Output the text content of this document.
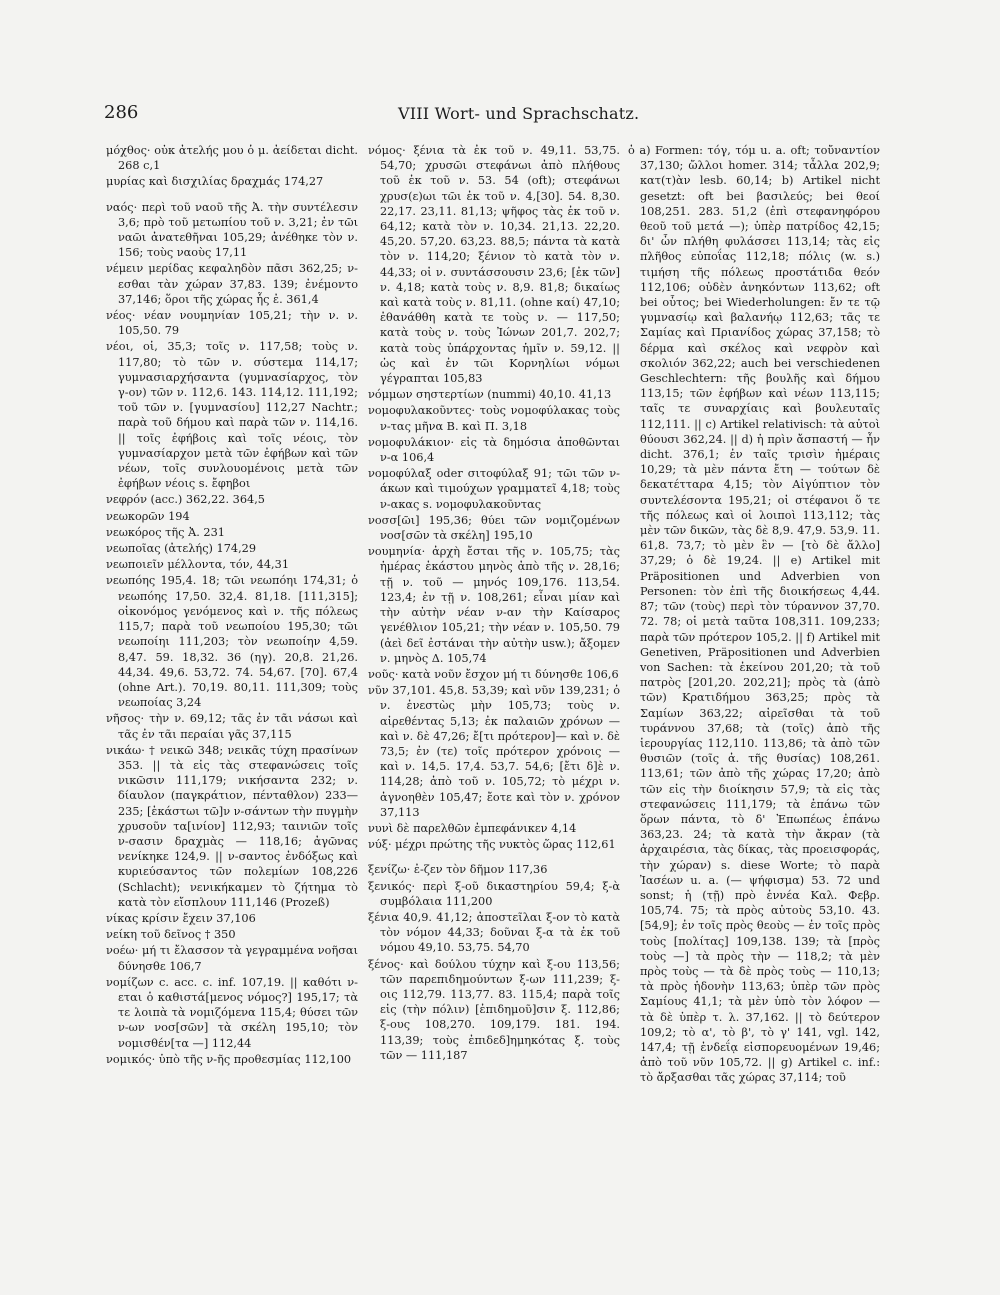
286	VIII Wort- und Sprachschatz.

μόχθος· οὐκ ἀτελής μου ὁ μ. ἀείδεται dicht. 268 c,1

μυρίας καὶ δισχιλίας δραχμάς 174,27

ναός· περὶ τοῦ ναοῦ τῆς Ἀ. τὴν συντέλεσιν 3,6; πρὸ τοῦ μετωπίου τοῦ ν. 3,21; ἐν τῶι ναῶι ἀνατεθῆναι 105,29; ἀνέθηκε τὸν ν. 156; τοὺς ναοὺς 17,11

νέμειν μερίδας κεφαληδὸν πᾶσι 362,25; ν-εσθαι τὰν χώραν 37,83. 139; ἐνέμοντο 37,146; ὅροι τῆς χώρας ἧς ἐ. 361,4

νέος· νέαν νουμηνίαν 105,21; τὴν ν. ν. 105,50. 79

νέοι, οἱ, 35,3; τοῖς ν. 117,58; τοὺς ν. 117,80; τὸ τῶν ν. σύστεμα 114,17; γυμνασιαρχήσαντα (γυμνασίαρχος, τὸν γ-ον) τῶν ν. 112,6. 143. 114,12. 111,192; τοῦ τῶν ν. [γυμνασίου] 112,27 Nachtr.; παρὰ τοῦ δήμου καὶ παρὰ τῶν ν. 114,16. || τοῖς ἐφήβοις καὶ τοῖς νέοις, τὸν γυμνασίαρχον μετὰ τῶν ἐφήβων καὶ τῶν νέων, τοῖς συνλουομένοις μετὰ τῶν ἐφήβων νέοις s. ἔφηβοι

νεφρόν (acc.) 362,22. 364,5

νεωκορῶν 194

νεωκόρος τῆς Ἀ. 231

νεωποῖας (ἀτελής) 174,29

νεωποιεῖν μέλλοντα, τόν, 44,31

νεωπόης 195,4. 18; τῶι νεωπόηι 174,31; ὁ νεωπόης 17,50. 32,4. 81,18. [111,315]; οἰκονόμος γενόμενος καὶ ν. τῆς πόλεως 115,7; παρὰ τοῦ νεωποίου 195,30; τῶι νεωποίηι 111,203; τὸν νεωποίην 4,59. 8,47. 59. 18,32. 36 (ηγ). 20,8. 21,26. 44,34. 49,6. 53,72. 74. 54,67. [70]. 67,4 (ohne Art.). 70,19. 80,11. 111,309; τοὺς νεωποίας 3,24

νῆσος· τὴν ν. 69,12; τᾶς ἐν τᾶι νάσωι καὶ τᾶς ἐν τᾶι περαίαι γᾶς 37,115

νικάω· † νεικῶ 348; νεικᾶς τύχη πρασίνων 353. || τὰ εἰς τὰς στεφανώσεις τοῖς νικῶσιν 111,179; νικήσαντα 232; ν. δίαυλον (παγκράτιον, πένταθλον) 233—235; [ἑκάστωι τῶ]ν ν-σάντων τὴν πυγμὴν χρυσοῦν τα[ινίον] 112,93; ταινιῶν τοῖς ν-σασιν δραχμὰς — 118,16; ἀγῶνας νενίκηκε 124,9. || ν-σαντος ἐνδόξως καὶ κυριεύσαντος τῶν πολεμίων 108,226 (Schlacht); νενικήκαμεν τὸ ζήτημα τὸ κατὰ τὸν εἴσπλουν 111,146 (Prozeß)

νίκας κρίσιν ἔχειν 37,106

νείκη τοῦ δεῖνος † 350

νοέω· μή τι ἔλασσον τὰ γεγραμμένα νοῆσαι δύνησθε 106,7

νομίζων c. acc. c. inf. 107,19. || καθότι ν-εται ὁ καθιστά[μενος νόμος?] 195,17; τὰ τε λοιπὰ τὰ νομιζόμενα 115,4; θύσει τῶν ν-ων νοσ[σῶν] τὰ σκέλη 195,10; τὸν νομισθέν[τα —] 112,44

νομικός· ὑπὸ τῆς ν-ῆς προθεσμίας 112,100

νόμος· ξένια τὰ ἐκ τοῦ ν. 49,11. 53,75. 54,70; χρυσῶι στεφάνωι ἀπὸ πλήθους τοῦ ἐκ τοῦ ν. 53. 54 (oft); στεφάνωι χρυσ(ε)ωι τῶι ἐκ τοῦ ν. 4,[30]. 54. 8,30. 22,17. 23,11. 81,13; ψῆφος τὰς ἐκ τοῦ ν. 64,12; κατὰ τὸν ν. 10,34. 21,13. 22,20. 45,20. 57,20. 63,23. 88,5; πάντα τὰ κατὰ τὸν ν. 114,20; ξένιον τὸ κατὰ τὸν ν. 44,33; οἱ ν. συντάσσουσιν 23,6; [ἐκ τῶν] ν. 4,18; κατὰ τοὺς ν. 8,9. 81,8; δικαίως καὶ κατὰ τοὺς ν. 81,11. (ohne καί) 47,10; ἐθανάθθη κατὰ τε τοὺς ν. — 117,50; κατὰ τοὺς ν. τοὺς Ἰώνων 201,7. 202,7; κατὰ τοὺς ὑπάρχοντας ἡμῖν ν. 59,12. || ὡς καὶ ἐν τῶι Κορνηλίωι νόμωι γέγραπται 105,83

νόμμων σηστερτίων (nummi) 40,10. 41,13

νομοφυλακοῦντες· τοὺς νομοφύλακας τοὺς ν-τας μῆνα Β. καὶ Π. 3,18

νομοφυλάκιον· εἰς τὰ δημόσια ἀποθῶνται ν-α 106,4

νομοφύλαξ oder σιτοφύλαξ 91; τῶι τῶν ν-άκων καὶ τιμούχων γραμματεῖ 4,18; τοὺς ν-ακας s. νομοφυλακοῦντας

νοσσ[ῶι] 195,36; θύει τῶν νομιζομένων νοσ[σῶν τὰ σκέλη] 195,10

νουμηνία· ἀρχὴ ἔσται τῆς ν. 105,75; τὰς ἡμέρας ἑκάστου μηνὸς ἀπὸ τῆς ν. 28,16; τῇ ν. τοῦ — μηνός 109,176. 113,54. 123,4; ἐν τῇ ν. 108,261; εἶναι μίαν καὶ τὴν αὐτὴν νέαν ν-αν τὴν Καίσαρος γενέθλιον 105,21; τὴν νέαν ν. 105,50. 79 (ἀεὶ δεῖ ἐστάναι τὴν αὐτὴν usw.); ἄξομεν ν. μηνὸς Δ. 105,74

νοῦς· κατὰ νοῦν ἔσχον μή τι δύνησθε 106,6

νῦν 37,101. 45,8. 53,39; καὶ νῦν 139,231; ὁ ν. ἐνεστὼς μὴν 105,73; τοὺς ν. αἱρεθέντας 5,13; ἐκ παλαιῶν χρόνων — καὶ ν. δὲ 47,26; ἔ[τι πρότερον]— καὶ ν. δὲ 73,5; ἐν (τε) τοῖς πρότερον χρόνοις — καὶ ν. 14,5. 17,4. 53,7. 54,6; [ἔτι δ]ὲ ν. 114,28; ἀπὸ τοῦ ν. 105,72; τὸ μέχρι ν. ἀγνοηθὲν 105,47; ἔοτε καὶ τὸν ν. χρόνον 37,113

νυνὶ δὲ παρελθῶν ἐμπεφάνικεν 4,14

νύξ· μέχρι πρώτης τῆς νυκτὸς ὥρας 112,61

ξενίζω· ἐ-ζεν τὸν δῆμον 117,36

ξενικός· περὶ ξ-οῦ δικαστηρίου 59,4; ξ-ὰ συμβόλαια 111,200

ξένια 40,9. 41,12; ἀποστεῖλαι ξ-ον τὸ κατὰ τὸν νόμον 44,33; δοῦναι ξ-α τὰ ἐκ τοῦ νόμου 49,10. 53,75. 54,70

ξένος· καὶ δούλου τύχην καὶ ξ-ου 113,56; τῶν παρεπιδημούντων ξ-ων 111,239; ξ-οις 112,79. 113,77. 83. 115,4; παρὰ τοῖς εἰς (τὴν πόλιν) [ἐπιδημοῦ]σιν ξ. 112,86; ξ-ους 108,270. 109,179. 181. 194. 113,39; τοὺς ἐπιδεδ]ημηκότας ξ. τοὺς τῶν — 111,187

ὁ a) Formen: τόγ, τόμ u. a. oft; τοὔναντίον 37,130; ὤλλοι homer. 314; τἆλλα 202,9; κατ(τ)ὰν lesb. 60,14; b) Artikel nicht gesetzt: oft bei βασιλεύς; bei θεοί 108,251. 283. 51,2 (ἐπὶ στεφανηφόρου θεοῦ τοῦ μετά —); ὑπὲρ πατρίδος 42,15; δι' ὧν πλήθη φυλάσσει 113,14; τὰς εἰς πλῆθος εὐποΐας 112,18; πόλις (w. s.) τιμήση τῆς πόλεως προστάτιδα θεόν 112,106; οὐδὲν ἀνηκόντων 113,62; oft bei οὗτος; bei Wiederholungen: ἔν τε τῷ γυμνασίῳ καὶ βαλανήῳ 112,63; τᾶς τε Σαμίας καὶ Πριανίδος χώρας 37,158; τὸ δέρμα καὶ σκέλος καὶ νεφρὸν καὶ σκολιόν 362,22; auch bei verschiedenen Geschlechtern: τῆς βουλῆς καὶ δήμου 113,15; τῶν ἐφήβων καὶ νέων 113,115; ταῖς τε συναρχίαις καὶ βουλευταῖς 112,111. || c) Artikel relativisch: τὰ αὐτοὶ θύουσι 362,24. || d) ἡ πρὶν ἄσπαστή — ἦν dicht. 376,1; ἐν ταῖς τρισὶν ἡμέραις 10,29; τὰ μὲν πάντα ἔτη — τούτων δὲ δεκατέτταρα 4,15; τὸν Αἰγύπτιον τὸν συντελέσοντα 195,21; οἱ στέφανοι ὅ τε τῆς πόλεως καὶ οἱ λοιποὶ 113,112; τὰς μὲν τῶν δικῶν, τὰς δὲ 8,9. 47,9. 53,9. 11. 61,8. 73,7; τὸ μὲν ἓν — [τὸ δὲ ἄλλο] 37,29; ὁ δὲ 19,24. || e) Artikel mit Präpositionen und Adverbien von Personen: τὸν ἐπὶ τῆς διοικήσεως 4,44. 87; τῶν (τοὺς) περὶ τὸν τύραννον 37,70. 72. 78; οἱ μετὰ ταῦτα 108,311. 109,233; παρὰ τῶν πρότερον 105,2. || f) Artikel mit Genetiven, Präpositionen und Adverbien von Sachen: τὰ ἐκείνου 201,20; τὰ τοῦ πατρὸς [201,20. 202,21]; πρὸς τὰ (ἀπὸ τῶν) Κρατιδήμου 363,25; πρὸς τὰ Σαμίων 363,22; αἱρεῖσθαι τὰ τοῦ τυράννου 37,68; τὰ (τοῖς) ἀπὸ τῆς ἱερουργίας 112,110. 113,86; τὰ ἀπὸ τῶν θυσιῶν (τοῖς ἀ. τῆς θυσίας) 108,261. 113,61; τῶν ἀπὸ τῆς χώρας 17,20; ἀπὸ τῶν εἰς τὴν διοίκησιν 57,9; τὰ εἰς τὰς στεφανώσεις 111,179; τὰ ἐπάνω τῶν ὅρων πάντα, τὸ δ' Ἐπωπέως ἐπάνω 363,23. 24; τὰ κατὰ τὴν ἄκραν (τὰ ἀρχαιρέσια, τὰς δίκας, τὰς προεισφοράς, τὴν χώραν) s. diese Worte; τὸ παρὰ Ἰασέων u. a. (— ψήφισμα) 53. 72 und sonst; ἡ (τῇ) πρὸ ἐννέα Καλ. Φεβρ. 105,74. 75; τὰ πρὸς αὐτοὺς 53,10. 43. [54,9]; ἐν τοῖς πρὸς θεοὺς — ἐν τοῖς πρὸς τοὺς [πολίτας] 109,138. 139; τὰ [πρὸς τοὺς —] τὰ πρὸς τὴν — 118,2; τὰ μὲν πρὸς τοὺς — τὰ δὲ πρὸς τοὺς — 110,13; τὰ πρὸς ἡδονὴν 113,63; ὑπὲρ τῶν πρὸς Σαμίους 41,1; τὰ μὲν ὑπὸ τὸν λόφον — τὰ δὲ ὑπὲρ τ. λ. 37,162. || τὸ δεύτερον 109,2; τὸ α', τὸ β', τὸ γ' 141, vgl. 142, 147,4; τῇ ἐνδεΐᾳ εἰσπορευομένων 19,46; ἀπὸ τοῦ νῦν 105,72. || g) Artikel c. inf.: τὸ ἄρξασθαι τᾶς χώρας 37,114; τοῦ
